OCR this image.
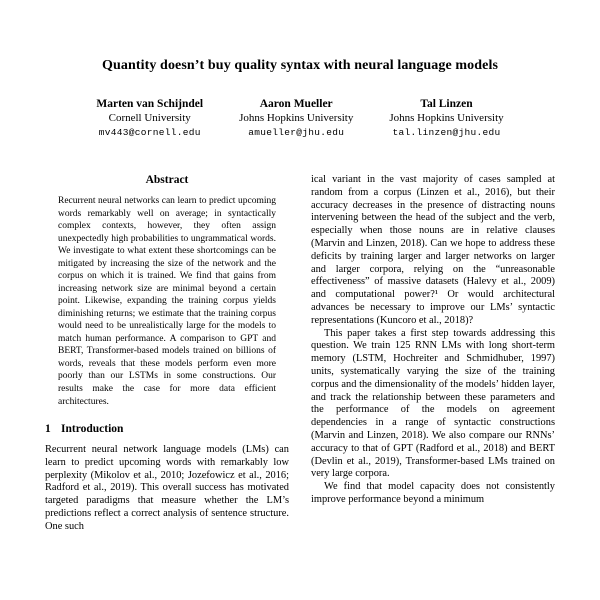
Quantity doesn’t buy quality syntax with neural language models
Marten van Schijndel
Cornell University
mv443@cornell.edu
Aaron Mueller
Johns Hopkins University
amueller@jhu.edu
Tal Linzen
Johns Hopkins University
tal.linzen@jhu.edu
Abstract

Recurrent neural networks can learn to predict upcoming words remarkably well on average; in syntactically complex contexts, however, they often assign unexpectedly high probabilities to ungrammatical words. We investigate to what extent these shortcomings can be mitigated by increasing the size of the network and the corpus on which it is trained. We find that gains from increasing network size are minimal beyond a certain point. Likewise, expanding the training corpus yields diminishing returns; we estimate that the training corpus would need to be unrealistically large for the models to match human performance. A comparison to GPT and BERT, Transformer-based models trained on billions of words, reveals that these models perform even more poorly than our LSTMs in some constructions. Our results make the case for more data efficient architectures.

1 Introduction

Recurrent neural network language models (LMs) can learn to predict upcoming words with remarkably low perplexity (Mikolov et al., 2010; Jozefowicz et al., 2016; Radford et al., 2019). This overall success has motivated targeted paradigms that measure whether the LM’s predictions reflect a correct analysis of sentence structure. One such

ical variant in the vast majority of cases sampled at random from a corpus (Linzen et al., 2016), but their accuracy decreases in the presence of distracting nouns intervening between the head of the subject and the verb, especially when those nouns are in relative clauses (Marvin and Linzen, 2018). Can we hope to address these deficits by training larger and larger networks on larger and larger corpora, relying on the “unreasonable effectiveness” of massive datasets (Halevy et al., 2009) and computational power?¹ Or would architectural advances be necessary to improve our LMs’ syntactic representations (Kuncoro et al., 2018)?

This paper takes a first step towards addressing this question. We train 125 RNN LMs with long short-term memory (LSTM, Hochreiter and Schmidhuber, 1997) units, systematically varying the size of the training corpus and the dimensionality of the models’ hidden layer, and track the relationship between these parameters and the performance of the models on agreement dependencies in a range of syntactic constructions (Marvin and Linzen, 2018). We also compare our RNNs’ accuracy to that of GPT (Radford et al., 2018) and BERT (Devlin et al., 2019), Transformer-based LMs trained on very large corpora.

We find that model capacity does not consistently improve performance beyond a minimum
